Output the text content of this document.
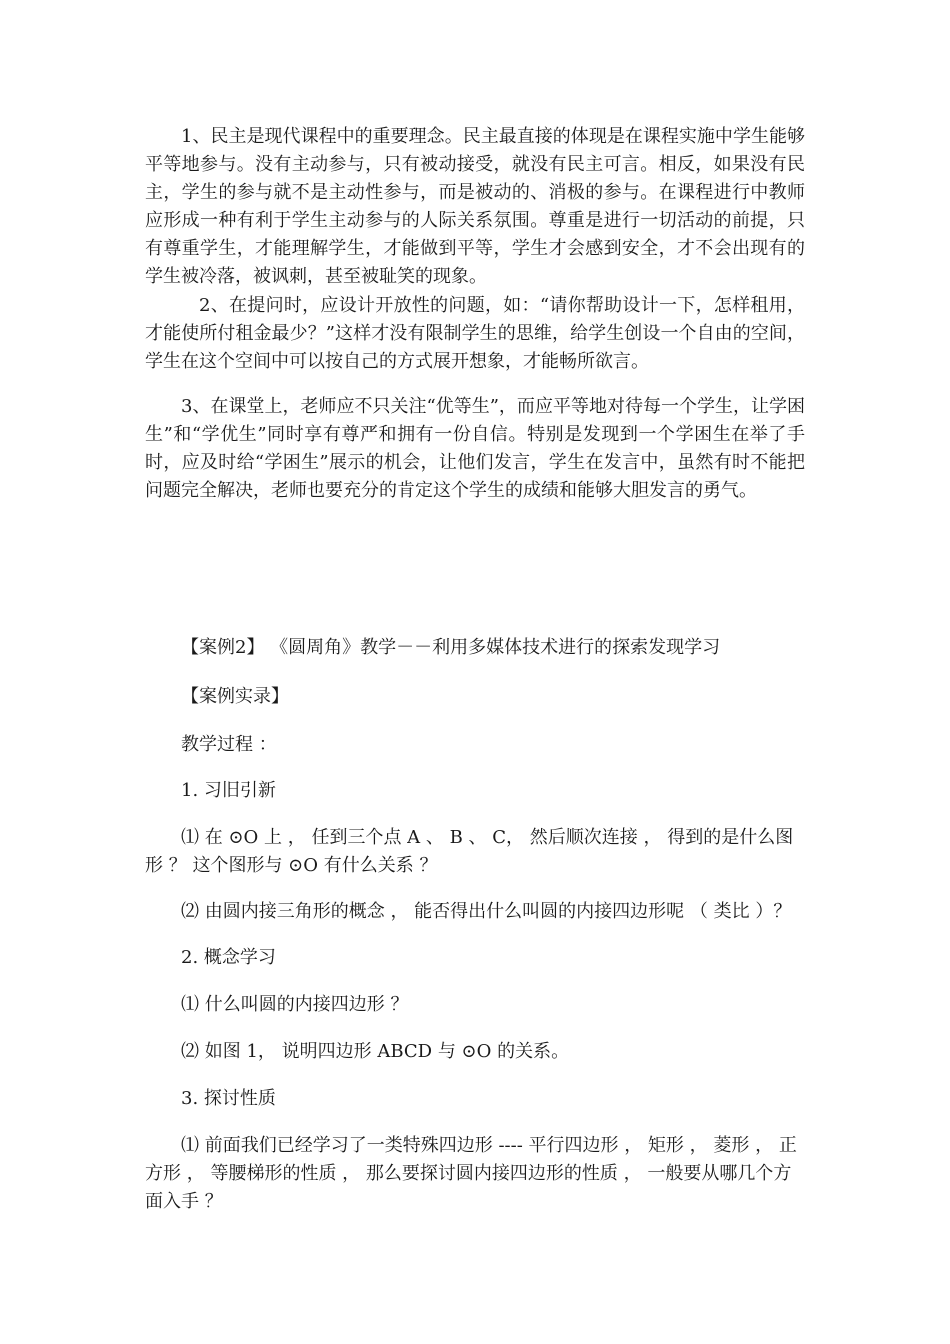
1、民主是现代课程中的重要理念。民主最直接的体现是在课程实施中学生能够平等地参与。没有主动参与，只有被动接受，就没有民主可言。相反，如果没有民主，学生的参与就不是主动性参与，而是被动的、消极的参与。在课程进行中教师应形成一种有利于学生主动参与的人际关系氛围。尊重是进行一切活动的前提，只有尊重学生，才能理解学生，才能做到平等，学生才会感到安全，才不会出现有的学生被冷落，被讽刺，甚至被耻笑的现象。

2、在提问时，应设计开放性的问题，如：“请你帮助设计一下，怎样租用，才能使所付租金最少？”这样才没有限制学生的思维，给学生创设一个自由的空间，学生在这个空间中可以按自己的方式展开想象，才能畅所欲言。

3、在课堂上，老师应不只关注“优等生”，而应平等地对待每一个学生，让学困生”和“学优生”同时享有尊严和拥有一份自信。特别是发现到一个学困生在举了手时，应及时给“学困生”展示的机会，让他们发言，学生在发言中，虽然有时不能把问题完全解决，老师也要充分的肯定这个学生的成绩和能够大胆发言的勇气。

【案例2】 《圆周角》教学－－利用多媒体技术进行的探索发现学习

【案例实录】

教学过程 ：

1. 习旧引新

⑴ 在 ⊙O 上 ， 任到三个点 A 、 B 、 C， 然后顺次连接 ， 得到的是什么图形 ？ 这个图形与 ⊙O 有什么关系 ？

⑵ 由圆内接三角形的概念 ， 能否得出什么叫圆的内接四边形呢 （ 类比 ）？

2. 概念学习

⑴ 什么叫圆的内接四边形 ？

⑵ 如图 1， 说明四边形 ABCD 与 ⊙O 的关系。

3. 探讨性质

⑴ 前面我们已经学习了一类特殊四边形 ---- 平行四边形 ， 矩形 ， 菱形 ， 正方形 ， 等腰梯形的性质 ， 那么要探讨圆内接四边形的性质 ， 一般要从哪几个方面入手 ？
